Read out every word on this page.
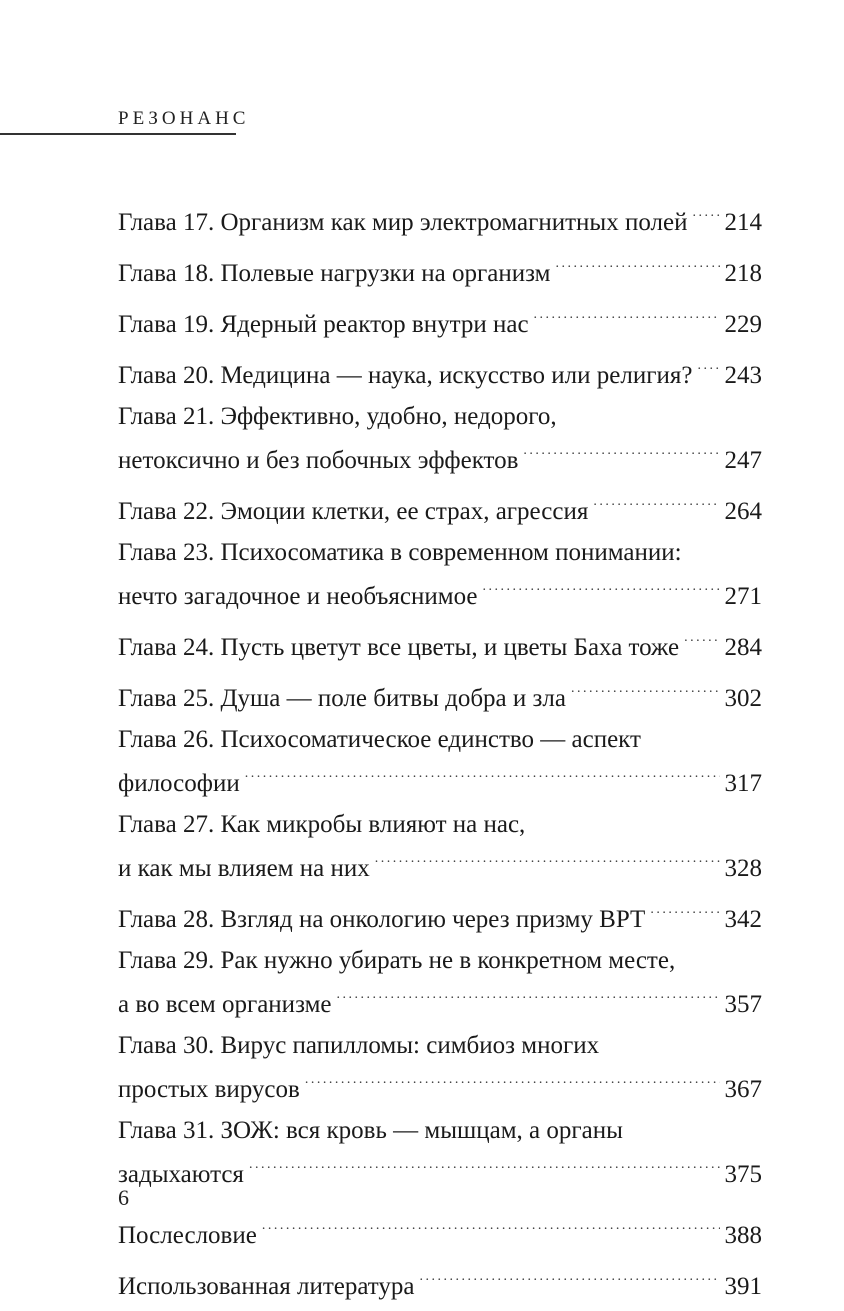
РЕЗОНАНС
Глава 17. Организм как мир электромагнитных полей . . . 214
Глава 18. Полевые нагрузки на организм . . .	218
Глава 19. Ядерный реактор внутри нас . . .	229
Глава 20. Медицина — наука, искусство или религия? . . . 243
Глава 21. Эффективно, удобно, недорого,
нетоксично и без побочных эффектов . . .	247
Глава 22. Эмоции клетки, ее страх, агрессия . . .	264
Глава 23. Психосоматика в современном понимании:
нечто загадочное и необъяснимое . . .	271
Глава 24. Пусть цветут все цветы, и цветы Баха тоже . . . 284
Глава 25. Душа — поле битвы добра и зла . . .	302
Глава 26. Психосоматическое единство — аспект
философии . . .	317
Глава 27. Как микробы влияют на нас,
и как мы влияем на них . . .	328
Глава 28. Взгляд на онкологию через призму ВРТ . . .	342
Глава 29. Рак нужно убирать не в конкретном месте,
а во всем организме . . .	357
Глава 30. Вирус папилломы: симбиоз многих
простых вирусов . . .	367
Глава 31. ЗОЖ: вся кровь — мышцам, а органы
задыхаются . . .	375
Послесловие . . .	388
Использованная литература . . .	391
6
